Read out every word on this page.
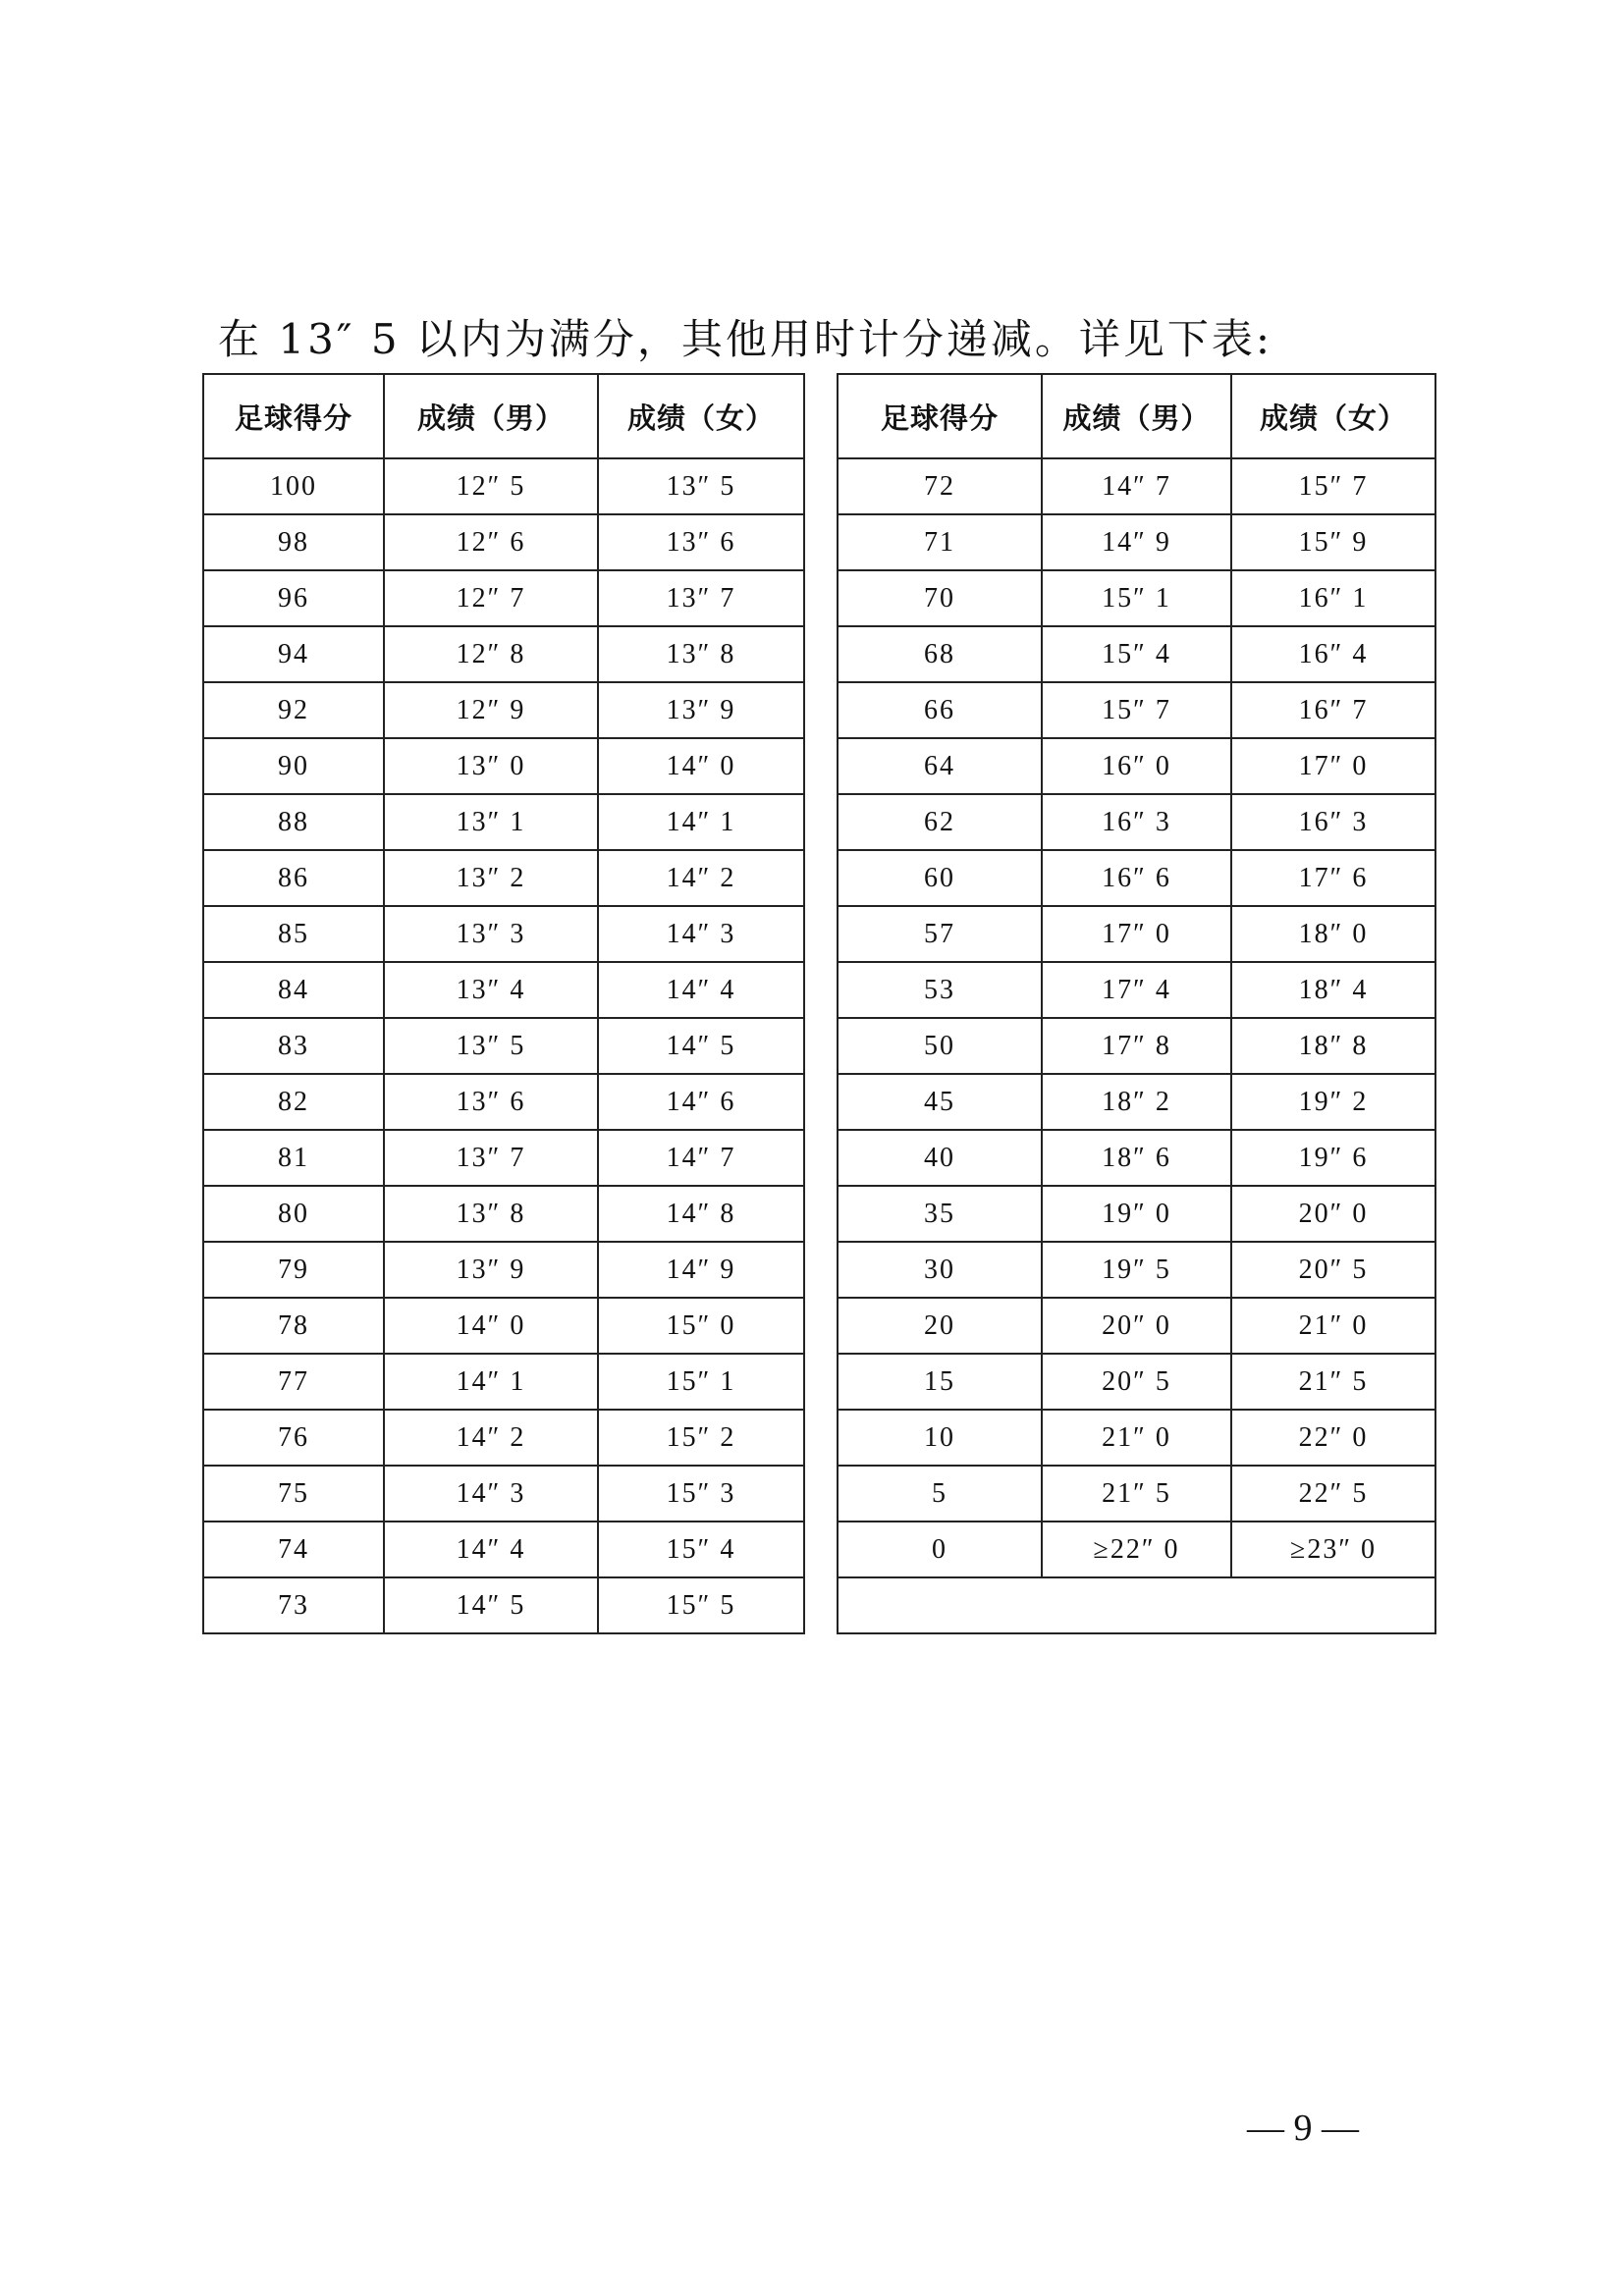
在 13″ 5 以内为满分，其他用时计分递减。详见下表:
足球得分	成绩（男）	成绩（女）		足球得分	成绩（男）	成绩（女）
100	12″ 5	13″ 5		72	14″ 7	15″ 7
98	12″ 6	13″ 6		71	14″ 9	15″ 9
96	12″ 7	13″ 7		70	15″ 1	16″ 1
94	12″ 8	13″ 8		68	15″ 4	16″ 4
92	12″ 9	13″ 9		66	15″ 7	16″ 7
90	13″ 0	14″ 0		64	16″ 0	17″ 0
88	13″ 1	14″ 1		62	16″ 3	16″ 3
86	13″ 2	14″ 2		60	16″ 6	17″ 6
85	13″ 3	14″ 3		57	17″ 0	18″ 0
84	13″ 4	14″ 4		53	17″ 4	18″ 4
83	13″ 5	14″ 5		50	17″ 8	18″ 8
82	13″ 6	14″ 6		45	18″ 2	19″ 2
81	13″ 7	14″ 7		40	18″ 6	19″ 6
80	13″ 8	14″ 8		35	19″ 0	20″ 0
79	13″ 9	14″ 9		30	19″ 5	20″ 5
78	14″ 0	15″ 0		20	20″ 0	21″ 0
77	14″ 1	15″ 1		15	20″ 5	21″ 5
76	14″ 2	15″ 2		10	21″ 0	22″ 0
75	14″ 3	15″ 3		5	21″ 5	22″ 5
74	14″ 4	15″ 4		0	≥22″ 0	≥23″ 0
73	14″ 5	15″ 5				
— 9 —
